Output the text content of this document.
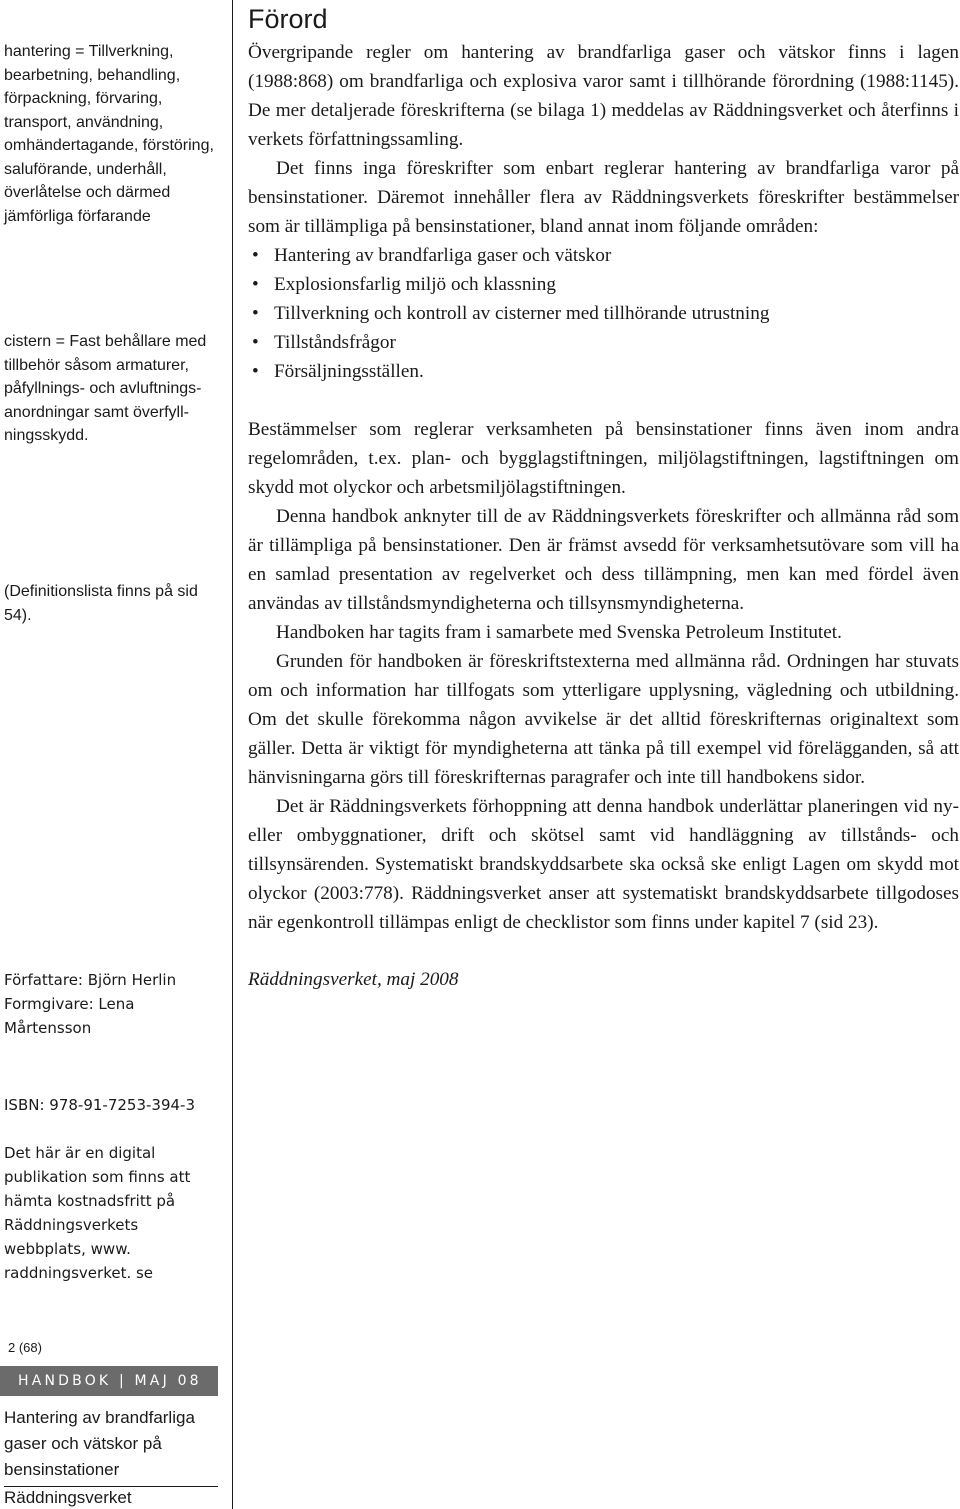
hantering = Tillverkning, bearbetning, behandling, förpackning, förvaring, transport, användning, omhändertagande, förstöring, saluförande, underhåll, överlåtelse och därmed jämförliga förfarande

cistern = Fast behållare med tillbehör såsom armaturer, påfyllnings- och avluftnings-anordningar samt överfyll-ningsskydd.

(Definitionslista finns på sid 54).

Författare: Björn Herlin

Formgivare: Lena Mårtensson

ISBN: 978-91-7253-394-3

Det här är en digital publikation som finns att hämta kostnadsfritt på Räddningsverkets webbplats, www. raddningsverket. se

2 (68)
HANDBOK | MAJ 08
Hantering av brandfarliga gaser och vätskor på bensinstationer
Räddningsverket
Förord

Övergripande regler om hantering av brandfarliga gaser och vätskor finns i lagen (1988:868) om brandfarliga och explosiva varor samt i tillhörande förordning (1988:1145). De mer detaljerade föreskrifterna (se bilaga 1) meddelas av Räddningsverket och återfinns i verkets författningssamling.

Det finns inga föreskrifter som enbart reglerar hantering av brandfarliga varor på bensinstationer. Däremot innehåller flera av Räddningsverkets föreskrifter bestämmelser som är tillämpliga på bensinstationer, bland annat inom följande områden:

• Hantering av brandfarliga gaser och vätskor
• Explosionsfarlig miljö och klassning
• Tillverkning och kontroll av cisterner med tillhörande utrustning
• Tillståndsfrågor
• Försäljningsställen.

Bestämmelser som reglerar verksamheten på bensinstationer finns även inom andra regelområden, t.ex. plan- och bygglagstiftningen, miljölagstiftningen, lagstiftningen om skydd mot olyckor och arbetsmiljölagstiftningen.

Denna handbok anknyter till de av Räddningsverkets föreskrifter och allmänna råd som är tillämpliga på bensinstationer. Den är främst avsedd för verksamhetsutövare som vill ha en samlad presentation av regelverket och dess tillämpning, men kan med fördel även användas av tillståndsmyndigheterna och tillsynsmyndigheterna.

Handboken har tagits fram i samarbete med Svenska Petroleum Institutet.

Grunden för handboken är föreskriftstexterna med allmänna råd. Ordningen har stuvats om och information har tillfogats som ytterligare upplysning, vägledning och utbildning. Om det skulle förekomma någon avvikelse är det alltid föreskrifternas originaltext som gäller. Detta är viktigt för myndigheterna att tänka på till exempel vid förelägganden, så att hänvisningarna görs till föreskrifternas paragrafer och inte till handbokens sidor.

Det är Räddningsverkets förhoppning att denna handbok underlättar planeringen vid ny- eller ombyggnationer, drift och skötsel samt vid handläggning av tillstånds- och tillsynsärenden. Systematiskt brandskyddsarbete ska också ske enligt Lagen om skydd mot olyckor (2003:778). Räddningsverket anser att systematiskt brandskyddsarbete tillgodoses när egenkontroll tillämpas enligt de checklistor som finns under kapitel 7 (sid 23).

Räddningsverket, maj 2008
